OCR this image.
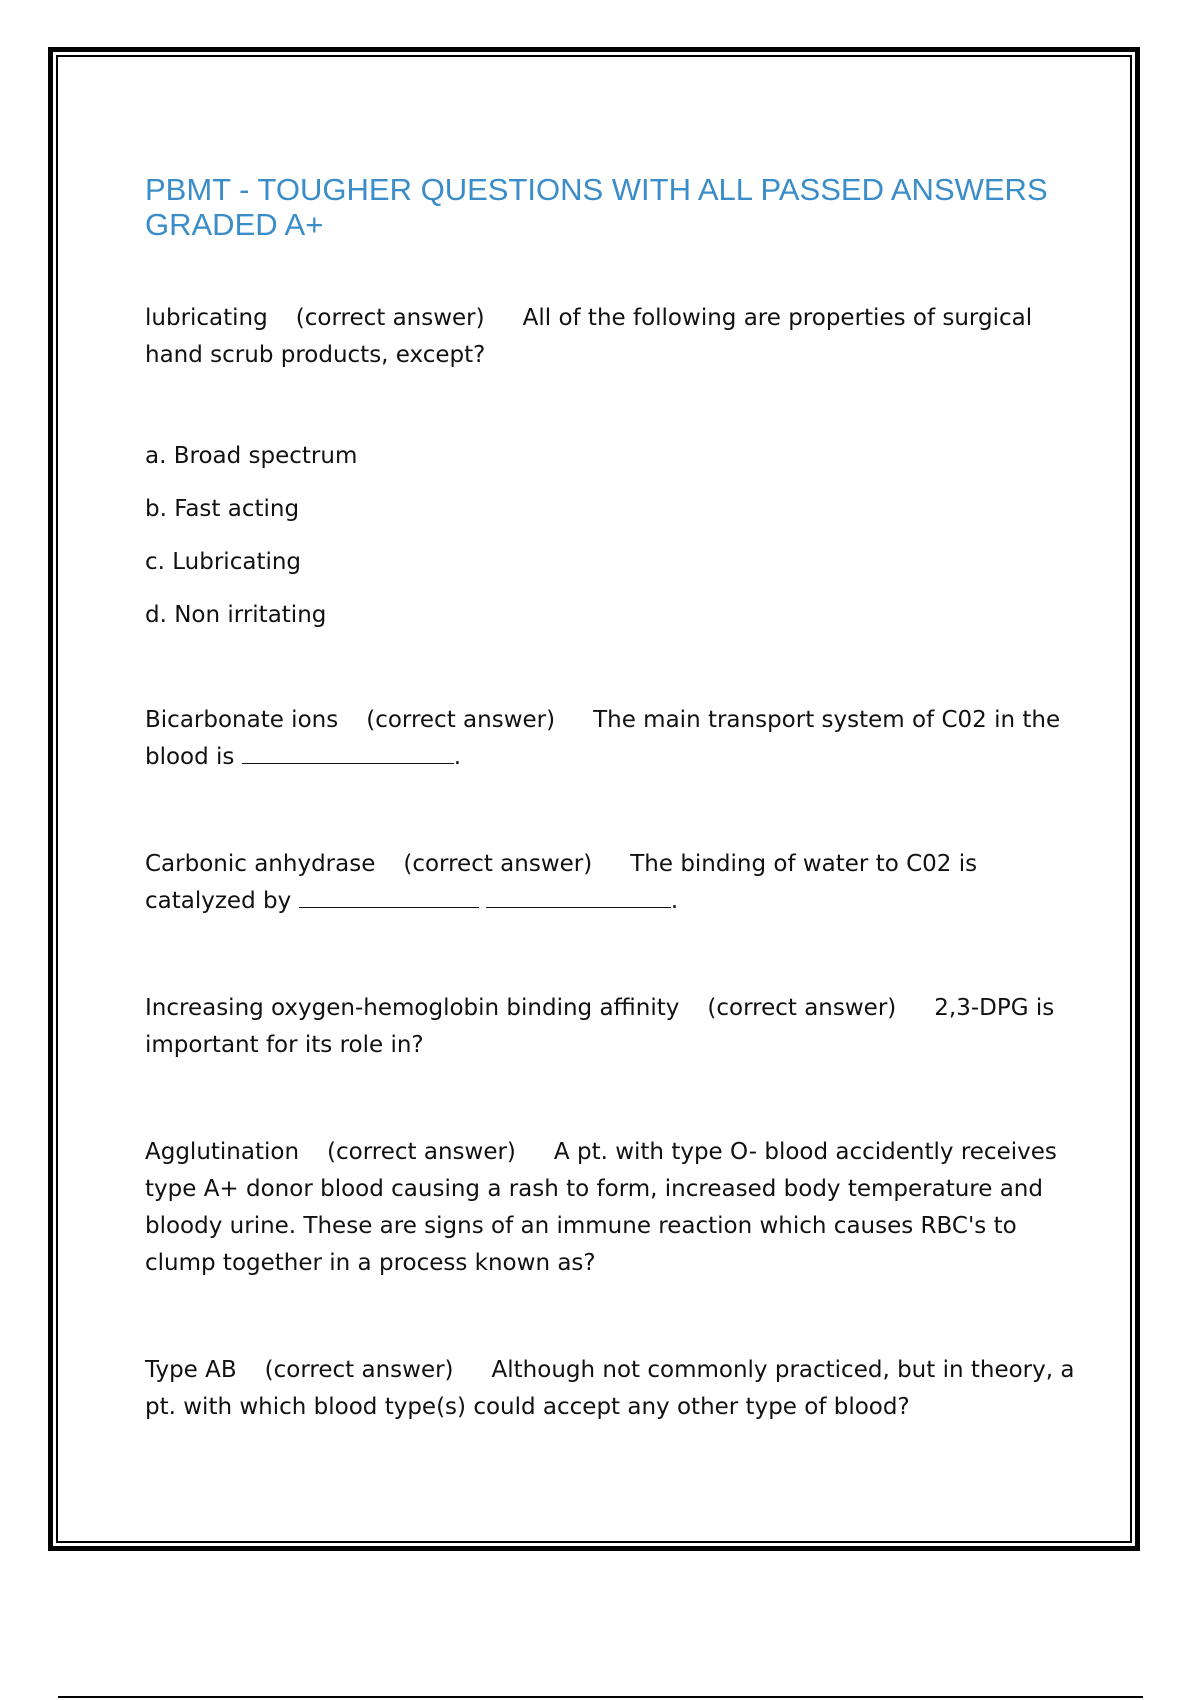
PBMT - TOUGHER QUESTIONS WITH ALL PASSED ANSWERS GRADED A+

lubricating (correct answer) All of the following are properties of surgical hand scrub products, except?

a. Broad spectrum
b. Fast acting
c. Lubricating
d. Non irritating

Bicarbonate ions (correct answer) The main transport system of C02 in the blood is	.

Carbonic anhydrase (correct answer) The binding of water to C02 is catalyzed by	.

Increasing oxygen-hemoglobin binding affinity (correct answer) 2,3-DPG is important for its role in?

Agglutination (correct answer) A pt. with type O- blood accidently receives type A+ donor blood causing a rash to form, increased body temperature and bloody urine. These are signs of an immune reaction which causes RBC's to clump together in a process known as?

Type AB (correct answer) Although not commonly practiced, but in theory, a pt. with which blood type(s) could accept any other type of blood?
